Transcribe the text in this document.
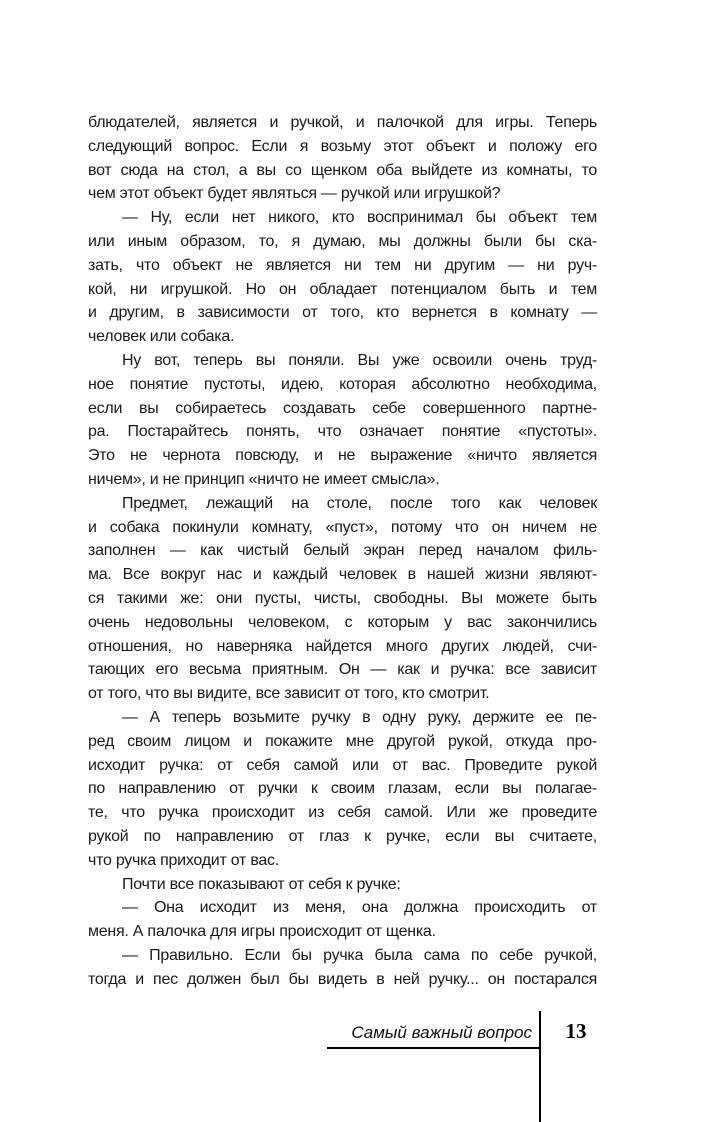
блюдателей, является и ручкой, и палочкой для игры. Теперь
следующий вопрос. Если я возьму этот объект и положу его
вот сюда на стол, а вы со щенком оба выйдете из комнаты, то
чем этот объект будет являться — ручкой или игрушкой?
— Ну, если нет никого, кто воспринимал бы объект тем
или иным образом, то, я думаю, мы должны были бы ска-
зать, что объект не является ни тем ни другим — ни руч-
кой, ни игрушкой. Но он обладает потенциалом быть и тем
и другим, в зависимости от того, кто вернется в комнату —
человек или собака.
Ну вот, теперь вы поняли. Вы уже освоили очень труд-
ное понятие пустоты, идею, которая абсолютно необходима,
если вы собираетесь создавать себе совершенного партне-
ра. Постарайтесь понять, что означает понятие «пустоты».
Это не чернота повсюду, и не выражение «ничто является
ничем», и не принцип «ничто не имеет смысла».
Предмет, лежащий на столе, после того как человек
и собака покинули комнату, «пуст», потому что он ничем не
заполнен — как чистый белый экран перед началом филь-
ма. Все вокруг нас и каждый человек в нашей жизни являют-
ся такими же: они пусты, чисты, свободны. Вы можете быть
очень недовольны человеком, с которым у вас закончились
отношения, но наверняка найдется много других людей, счи-
тающих его весьма приятным. Он — как и ручка: все зависит
от того, что вы видите, все зависит от того, кто смотрит.
— А теперь возьмите ручку в одну руку, держите ее пе-
ред своим лицом и покажите мне другой рукой, откуда про-
исходит ручка: от себя самой или от вас. Проведите рукой
по направлению от ручки к своим глазам, если вы полагае-
те, что ручка происходит из себя самой. Или же проведите
рукой по направлению от глаз к ручке, если вы считаете,
что ручка приходит от вас.
Почти все показывают от себя к ручке:
— Она исходит из меня, она должна происходить от
меня. А палочка для игры происходит от щенка.
— Правильно. Если бы ручка была сама по себе ручкой,
тогда и пес должен был бы видеть в ней ручку... он постарался
Самый важный вопрос	13
